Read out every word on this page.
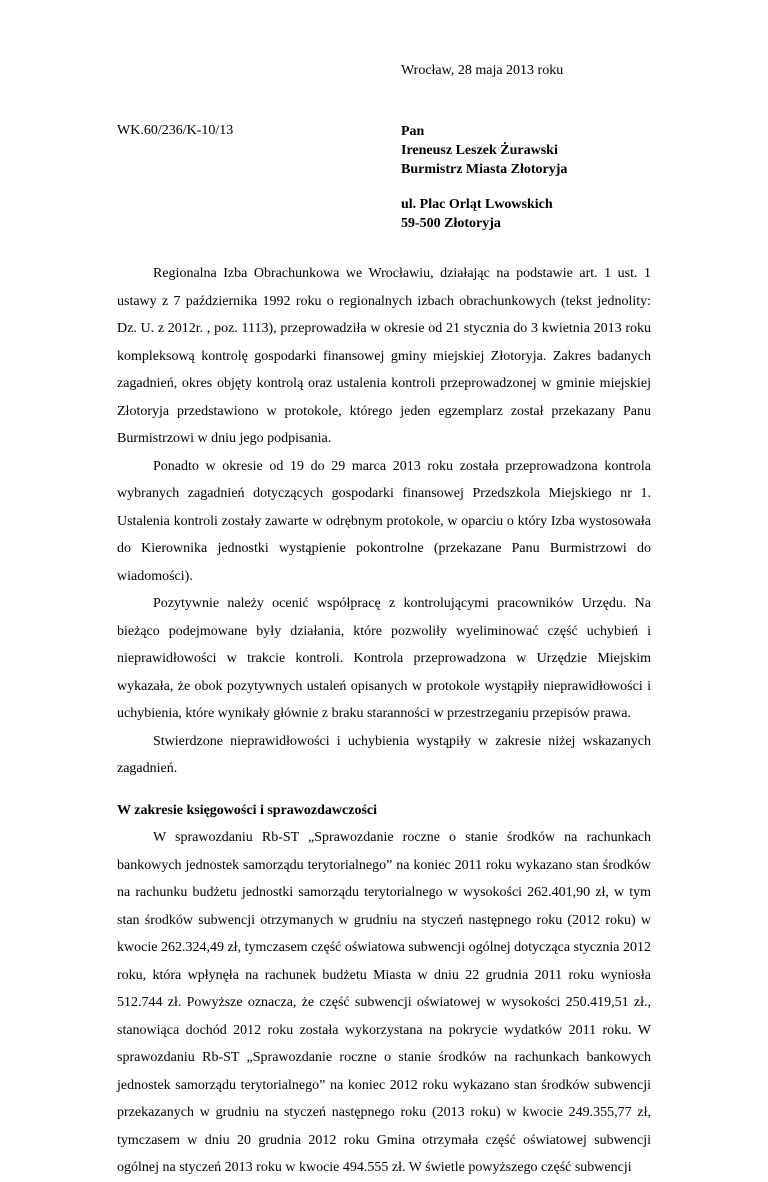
Wrocław, 28 maja 2013 roku
WK.60/236/K-10/13	Pan
Ireneusz Leszek Żurawski
Burmistrz Miasta Złotoryja
ul. Plac Orląt Lwowskich
59-500 Złotoryja

Regionalna Izba Obrachunkowa we Wrocławiu, działając na podstawie art. 1 ust. 1 ustawy z 7 października 1992 roku o regionalnych izbach obrachunkowych (tekst jednolity: Dz. U. z 2012r. , poz. 1113), przeprowadziła w okresie od 21 stycznia do 3 kwietnia 2013 roku kompleksową kontrolę gospodarki finansowej gminy miejskiej Złotoryja. Zakres badanych zagadnień, okres objęty kontrolą oraz ustalenia kontroli przeprowadzonej w gminie miejskiej Złotoryja przedstawiono w protokole, którego jeden egzemplarz został przekazany Panu Burmistrzowi w dniu jego podpisania.

Ponadto w okresie od 19 do 29 marca 2013 roku została przeprowadzona kontrola wybranych zagadnień dotyczących gospodarki finansowej Przedszkola Miejskiego nr 1. Ustalenia kontroli zostały zawarte w odrębnym protokole, w oparciu o który Izba wystosowała do Kierownika jednostki wystąpienie pokontrolne (przekazane Panu Burmistrzowi do wiadomości).

Pozytywnie należy ocenić współpracę z kontrolującymi pracowników Urzędu. Na bieżąco podejmowane były działania, które pozwoliły wyeliminować część uchybień i nieprawidłowości w trakcie kontroli. Kontrola przeprowadzona w Urzędzie Miejskim wykazała, że obok pozytywnych ustaleń opisanych w protokole wystąpiły nieprawidłowości i uchybienia, które wynikały głównie z braku staranności w przestrzeganiu przepisów prawa.

Stwierdzone nieprawidłowości i uchybienia wystąpiły w zakresie niżej wskazanych zagadnień.

W zakresie księgowości i sprawozdawczości

W sprawozdaniu Rb-ST „Sprawozdanie roczne o stanie środków na rachunkach bankowych jednostek samorządu terytorialnego” na koniec 2011 roku wykazano stan środków na rachunku budżetu jednostki samorządu terytorialnego w wysokości 262.401,90 zł, w tym stan środków subwencji otrzymanych w grudniu na styczeń następnego roku (2012 roku) w kwocie 262.324,49 zł, tymczasem część oświatowa subwencji ogólnej dotycząca stycznia 2012 roku, która wpłynęła na rachunek budżetu Miasta w dniu 22 grudnia 2011 roku wyniosła 512.744 zł. Powyższe oznacza, że część subwencji oświatowej w wysokości 250.419,51 zł., stanowiąca dochód 2012 roku została wykorzystana na pokrycie wydatków 2011 roku. W sprawozdaniu Rb-ST „Sprawozdanie roczne o stanie środków na rachunkach bankowych jednostek samorządu terytorialnego” na koniec 2012 roku wykazano stan środków subwencji przekazanych w grudniu na styczeń następnego roku (2013 roku) w kwocie 249.355,77 zł, tymczasem w dniu 20 grudnia 2012 roku Gmina otrzymała część oświatowej subwencji ogólnej na styczeń 2013 roku w kwocie 494.555 zł. W świetle powyższego część subwencji
